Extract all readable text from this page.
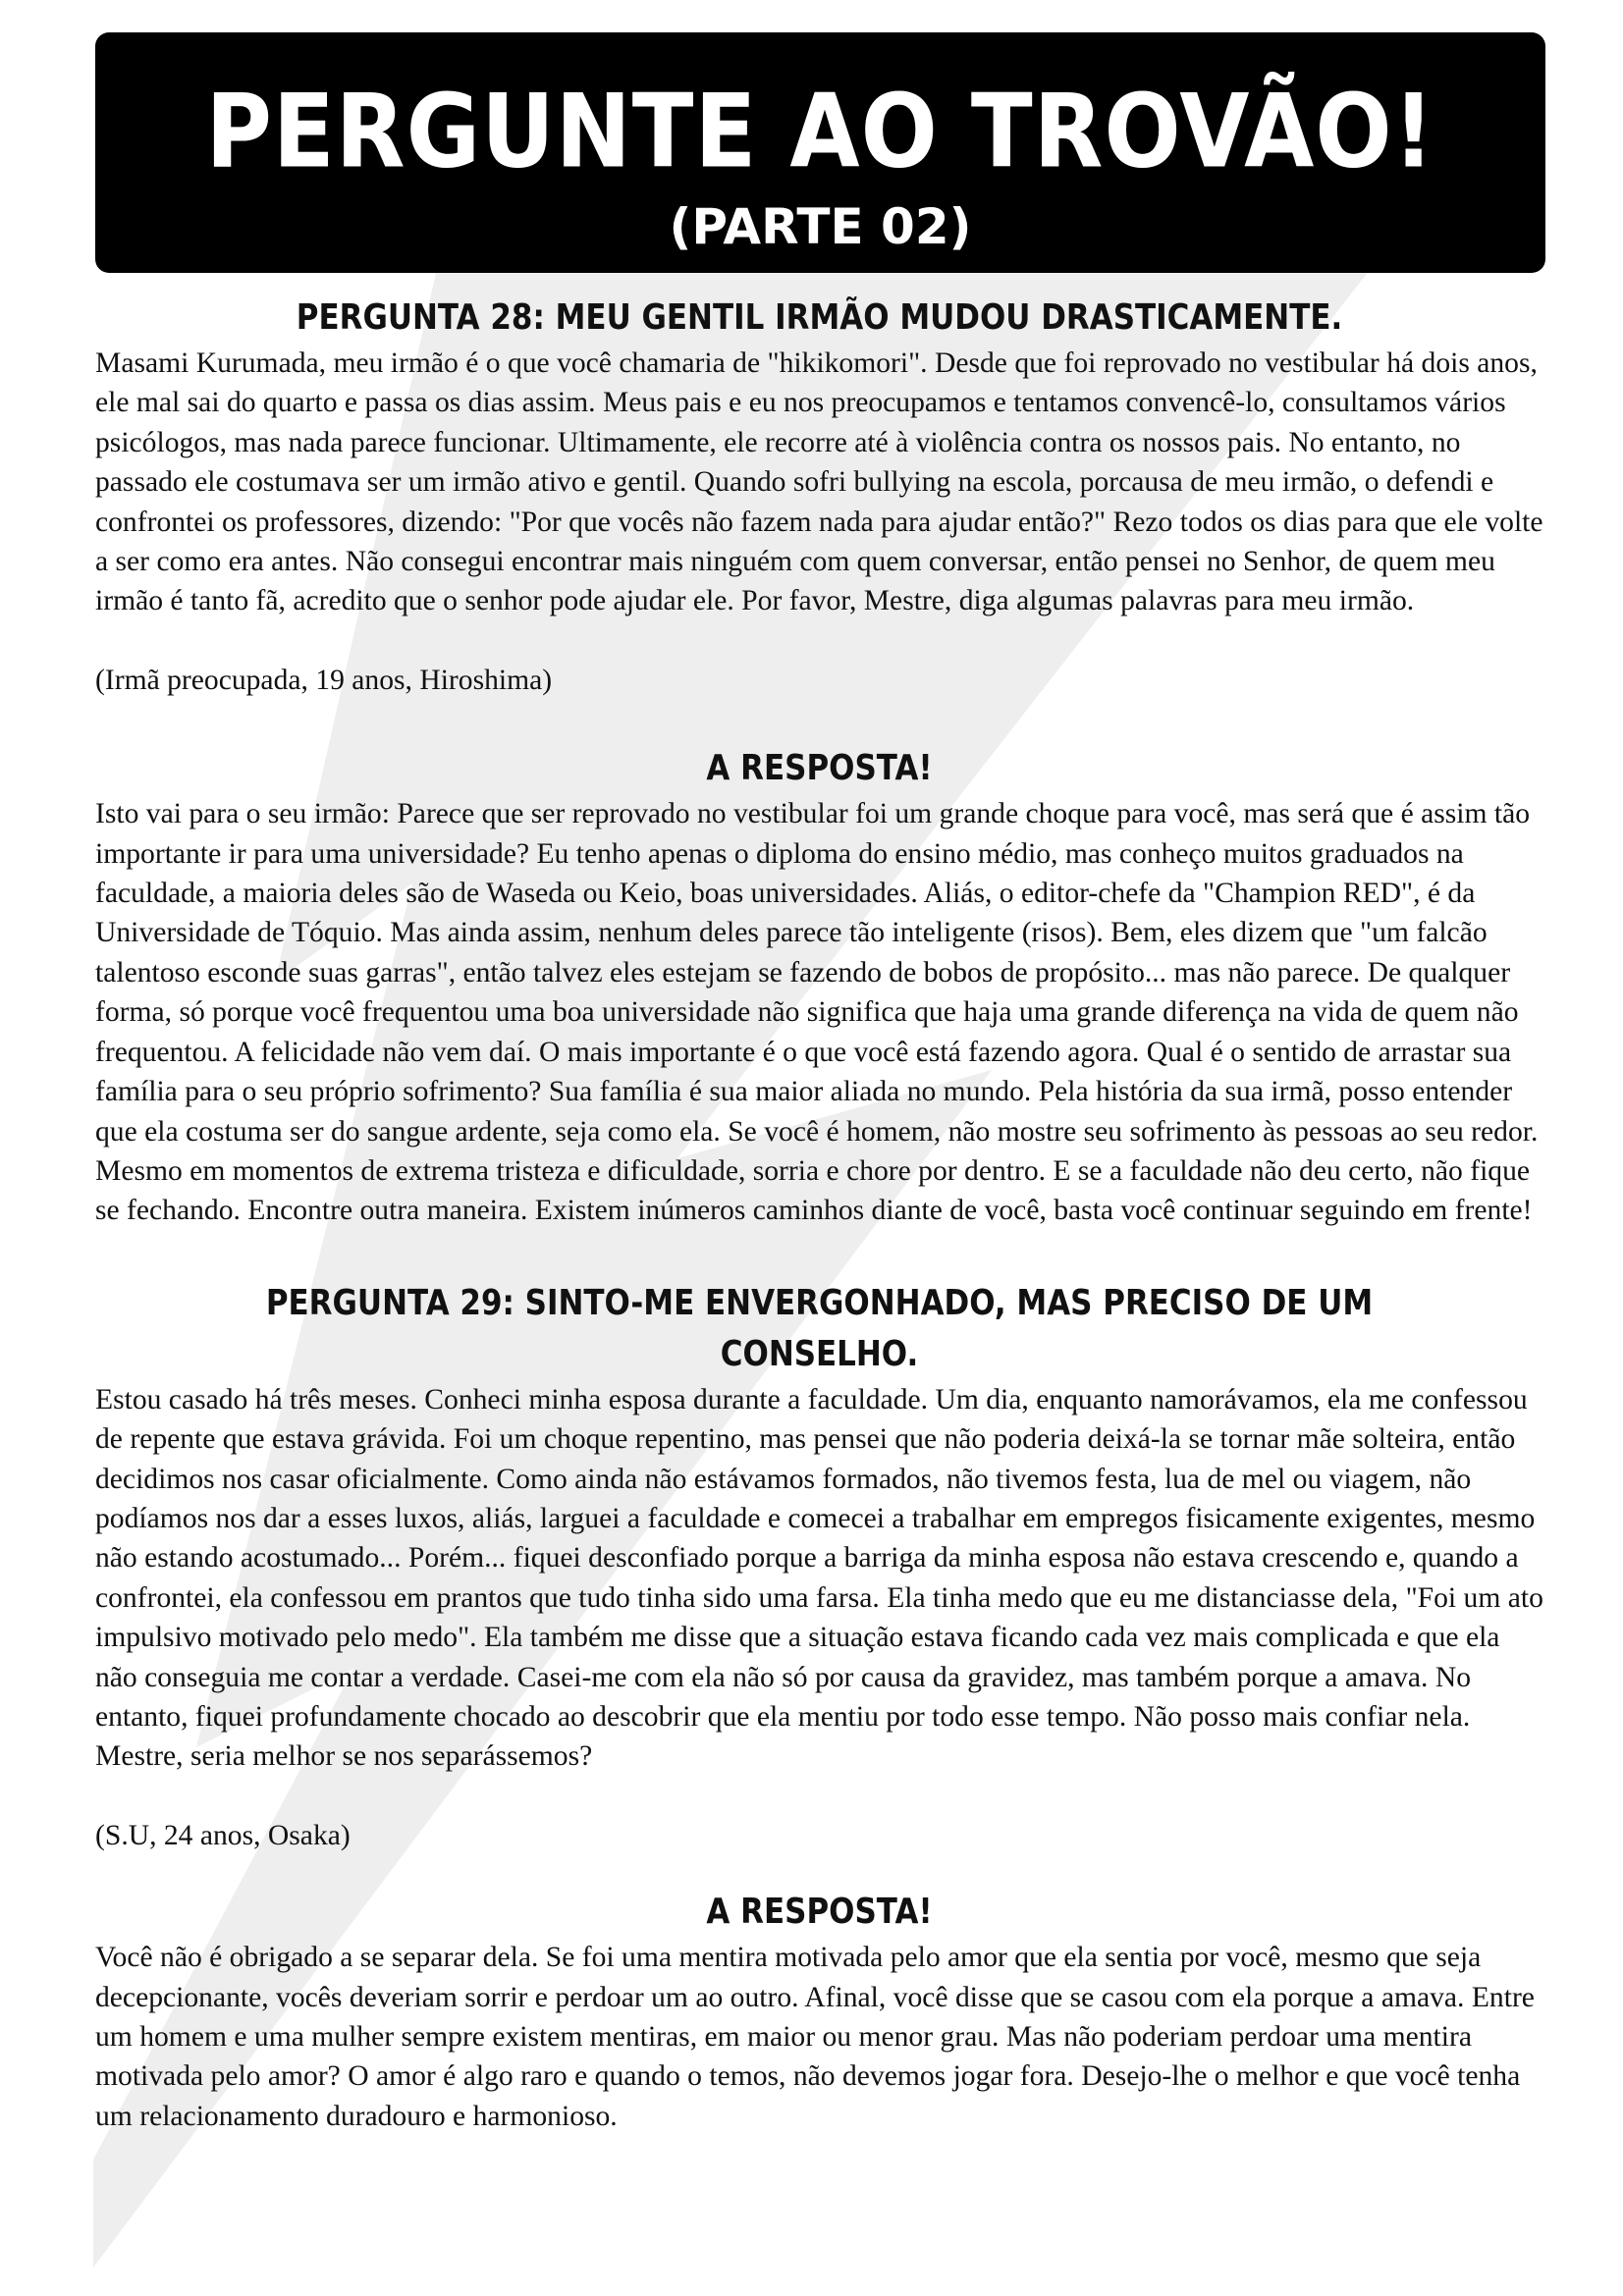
PERGUNTE AO TROVÃO!
(PARTE 02)
PERGUNTA 28: MEU GENTIL IRMÃO MUDOU DRASTICAMENTE.

Masami Kurumada, meu irmão é o que você chamaria de "hikikomori". Desde que foi reprovado no vestibular há dois anos, ele mal sai do quarto e passa os dias assim. Meus pais e eu nos preocupamos e tentamos convencê-lo, consultamos vários psicólogos, mas nada parece funcionar. Ultimamente, ele recorre até à violência contra os nossos pais. No entanto, no passado ele costumava ser um irmão ativo e gentil. Quando sofri bullying na escola, porcausa de meu irmão, o defendi e confrontei os professores, dizendo: "Por que vocês não fazem nada para ajudar então?" Rezo todos os dias para que ele volte a ser como era antes. Não consegui encontrar mais ninguém com quem conversar, então pensei no Senhor, de quem meu irmão é tanto fã, acredito que o senhor pode ajudar ele. Por favor, Mestre, diga algumas palavras para meu irmão.

(Irmã preocupada, 19 anos, Hiroshima)

A RESPOSTA!

Isto vai para o seu irmão: Parece que ser reprovado no vestibular foi um grande choque para você, mas será que é assim tão importante ir para uma universidade? Eu tenho apenas o diploma do ensino médio, mas conheço muitos graduados na faculdade, a maioria deles são de Waseda ou Keio, boas universidades. Aliás, o editor-chefe da "Champion RED", é da Universidade de Tóquio. Mas ainda assim, nenhum deles parece tão inteligente (risos). Bem, eles dizem que "um falcão talentoso esconde suas garras", então talvez eles estejam se fazendo de bobos de propósito... mas não parece. De qualquer forma, só porque você frequentou uma boa universidade não significa que haja uma grande diferença na vida de quem não frequentou. A felicidade não vem daí. O mais importante é o que você está fazendo agora. Qual é o sentido de arrastar sua família para o seu próprio sofrimento? Sua família é sua maior aliada no mundo. Pela história da sua irmã, posso entender que ela costuma ser do sangue ardente, seja como ela. Se você é homem, não mostre seu sofrimento às pessoas ao seu redor. Mesmo em momentos de extrema tristeza e dificuldade, sorria e chore por dentro. E se a faculdade não deu certo, não fique se fechando. Encontre outra maneira. Existem inúmeros caminhos diante de você, basta você continuar seguindo em frente!

PERGUNTA 29: SINTO-ME ENVERGONHADO, MAS PRECISO DE UM CONSELHO.

Estou casado há três meses. Conheci minha esposa durante a faculdade. Um dia, enquanto namorávamos, ela me confessou de repente que estava grávida. Foi um choque repentino, mas pensei que não poderia deixá-la se tornar mãe solteira, então decidimos nos casar oficialmente. Como ainda não estávamos formados, não tivemos festa, lua de mel ou viagem, não podíamos nos dar a esses luxos, aliás, larguei a faculdade e comecei a trabalhar em empregos fisicamente exigentes, mesmo não estando acostumado... Porém... fiquei desconfiado porque a barriga da minha esposa não estava crescendo e, quando a confrontei, ela confessou em prantos que tudo tinha sido uma farsa. Ela tinha medo que eu me distanciasse dela, "Foi um ato impulsivo motivado pelo medo". Ela também me disse que a situação estava ficando cada vez mais complicada e que ela não conseguia me contar a verdade. Casei-me com ela não só por causa da gravidez, mas também porque a amava. No entanto, fiquei profundamente chocado ao descobrir que ela mentiu por todo esse tempo. Não posso mais confiar nela. Mestre, seria melhor se nos separássemos?

(S.U, 24 anos, Osaka)

A RESPOSTA!

Você não é obrigado a se separar dela. Se foi uma mentira motivada pelo amor que ela sentia por você, mesmo que seja decepcionante, vocês deveriam sorrir e perdoar um ao outro. Afinal, você disse que se casou com ela porque a amava. Entre um homem e uma mulher sempre existem mentiras, em maior ou menor grau. Mas não poderiam perdoar uma mentira motivada pelo amor? O amor é algo raro e quando o temos, não devemos jogar fora. Desejo-lhe o melhor e que você tenha um relacionamento duradouro e harmonioso.
